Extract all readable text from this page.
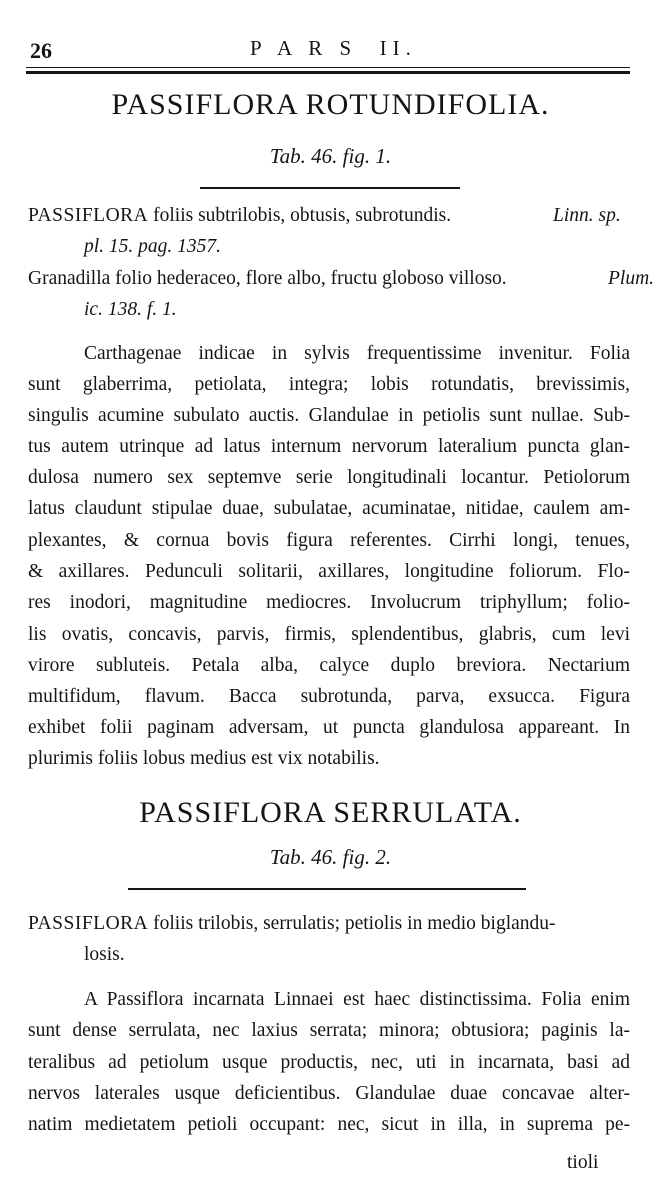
26	P A R S  II.
PASSIFLORA ROTUNDIFOLIA.
Tab. 46. fig. 1.
PASSIFLORA foliis subtrilobis, obtusis, subrotundis.	Linn. sp.
pl. 15. pag. 1357.
Granadilla folio hederaceo, flore albo, fructu globoso villoso.	Plum.
ic. 138. f. 1.
Carthagenae indicae in sylvis frequentissime invenitur. Folia
sunt glaberrima, petiolata, integra; lobis rotundatis, brevissimis,
singulis acumine subulato auctis. Glandulae in petiolis sunt nullae. Sub-
tus autem utrinque ad latus internum nervorum lateralium puncta glan-
dulosa numero sex septemve serie longitudinali locantur. Petiolorum
latus claudunt stipulae duae, subulatae, acuminatae, nitidae, caulem am-
plexantes, & cornua bovis figura referentes. Cirrhi longi, tenues,
& axillares. Pedunculi solitarii, axillares, longitudine foliorum. Flo-
res inodori, magnitudine mediocres. Involucrum triphyllum; folio-
lis ovatis, concavis, parvis, firmis, splendentibus, glabris, cum levi
virore subluteis. Petala alba, calyce duplo breviora. Nectarium
multifidum, flavum. Bacca subrotunda, parva, exsucca. Figura
exhibet folii paginam adversam, ut puncta glandulosa appareant. In
plurimis foliis lobus medius est vix notabilis.
PASSIFLORA SERRULATA.
Tab. 46. fig. 2.
PASSIFLORA foliis trilobis, serrulatis; petiolis in medio biglandu-
losis.
A Passiflora incarnata Linnaei est haec distinctissima. Folia enim
sunt dense serrulata, nec laxius serrata; minora; obtusiora; paginis la-
teralibus ad petiolum usque productis, nec, uti in incarnata, basi ad
nervos laterales usque deficientibus. Glandulae duae concavae alter-
natim medietatem petioli occupant: nec, sicut in illa, in suprema pe-
tioli
